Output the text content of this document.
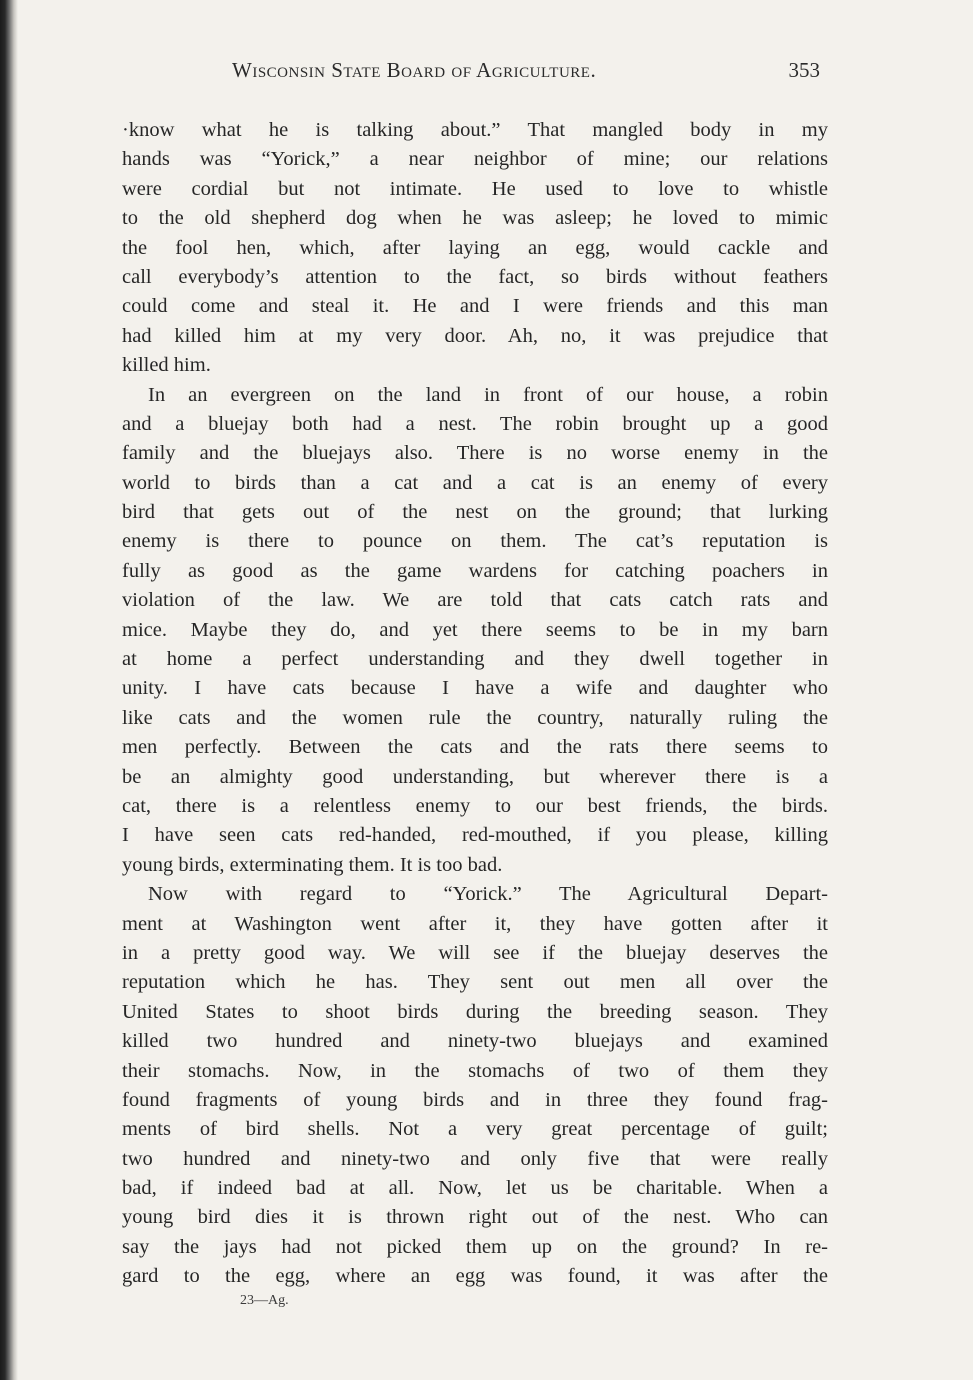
Wisconsin State Board of Agriculture.	353
·know what he is talking about.” That mangled body in my
hands was “Yorick,” a near neighbor of mine; our relations
were cordial but not intimate. He used to love to whistle
to the old shepherd dog when he was asleep; he loved to mimic
the fool hen, which, after laying an egg, would cackle and
call everybody’s attention to the fact, so birds without feathers
could come and steal it. He and I were friends and this man
had killed him at my very door. Ah, no, it was prejudice that
killed him.
In an evergreen on the land in front of our house, a robin
and a bluejay both had a nest. The robin brought up a good
family and the bluejays also. There is no worse enemy in the
world to birds than a cat and a cat is an enemy of every
bird that gets out of the nest on the ground; that lurking
enemy is there to pounce on them. The cat’s reputation is
fully as good as the game wardens for catching poachers in
violation of the law. We are told that cats catch rats and
mice. Maybe they do, and yet there seems to be in my barn
at home a perfect understanding and they dwell together in
unity. I have cats because I have a wife and daughter who
like cats and the women rule the country, naturally ruling the
men perfectly. Between the cats and the rats there seems to
be an almighty good understanding, but wherever there is a
cat, there is a relentless enemy to our best friends, the birds.
I have seen cats red-handed, red-mouthed, if you please, killing
young birds, exterminating them. It is too bad.
Now with regard to “Yorick.” The Agricultural Depart-
ment at Washington went after it, they have gotten after it
in a pretty good way. We will see if the bluejay deserves the
reputation which he has. They sent out men all over the
United States to shoot birds during the breeding season. They
killed two hundred and ninety-two bluejays and examined
their stomachs. Now, in the stomachs of two of them they
found fragments of young birds and in three they found frag-
ments of bird shells. Not a very great percentage of guilt;
two hundred and ninety-two and only five that were really
bad, if indeed bad at all. Now, let us be charitable. When a
young bird dies it is thrown right out of the nest. Who can
say the jays had not picked them up on the ground? In re-
gard to the egg, where an egg was found, it was after the
23—Ag.
